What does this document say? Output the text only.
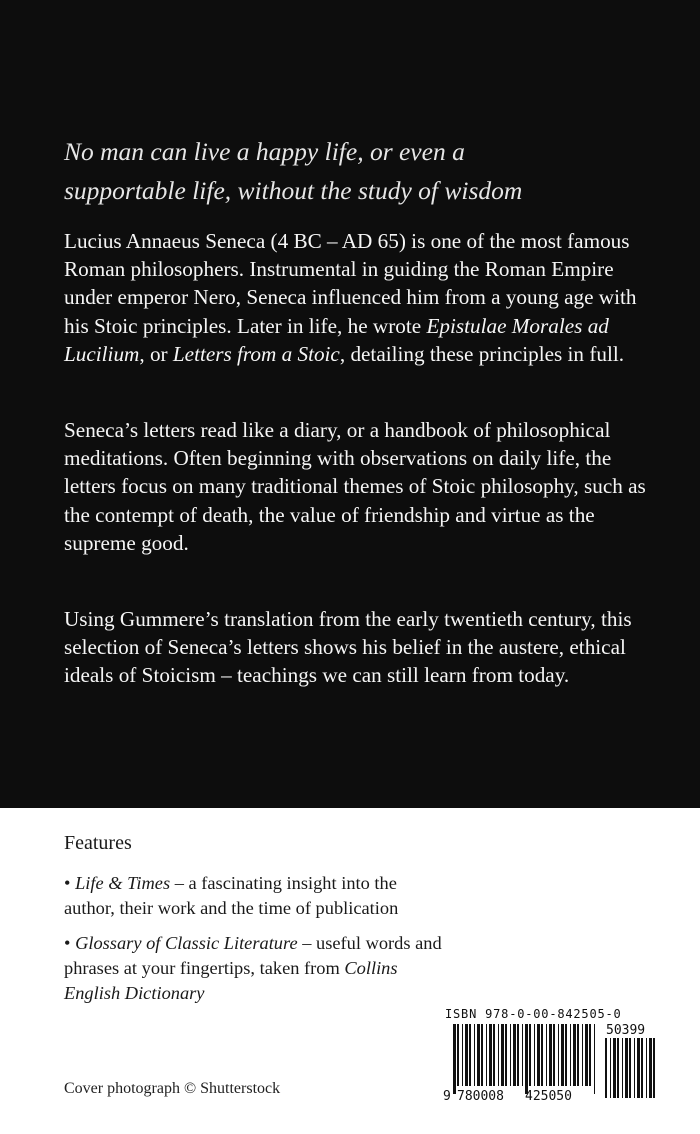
No man can live a happy life, or even a
supportable life, without the study of wisdom

Lucius Annaeus Seneca (4 BC – AD 65) is one of the most famous Roman philosophers. Instrumental in guiding the Roman Empire under emperor Nero, Seneca influenced him from a young age with his Stoic principles. Later in life, he wrote Epistulae Morales ad Lucilium, or Letters from a Stoic, detailing these principles in full.

Seneca’s letters read like a diary, or a handbook of philosophical meditations. Often beginning with observations on daily life, the letters focus on many traditional themes of Stoic philosophy, such as the contempt of death, the value of friendship and virtue as the supreme good.

Using Gummere’s translation from the early twentieth century, this selection of Seneca’s letters shows his belief in the austere, ethical ideals of Stoicism – teachings we can still learn from today.

Features

• Life & Times – a fascinating insight into the author, their work and the time of publication

• Glossary of Classic Literature – useful words and phrases at your fingertips, taken from Collins English Dictionary

Cover photograph © Shutterstock

ISBN 978-0-00-842505-0

9 780008 425050
50399
